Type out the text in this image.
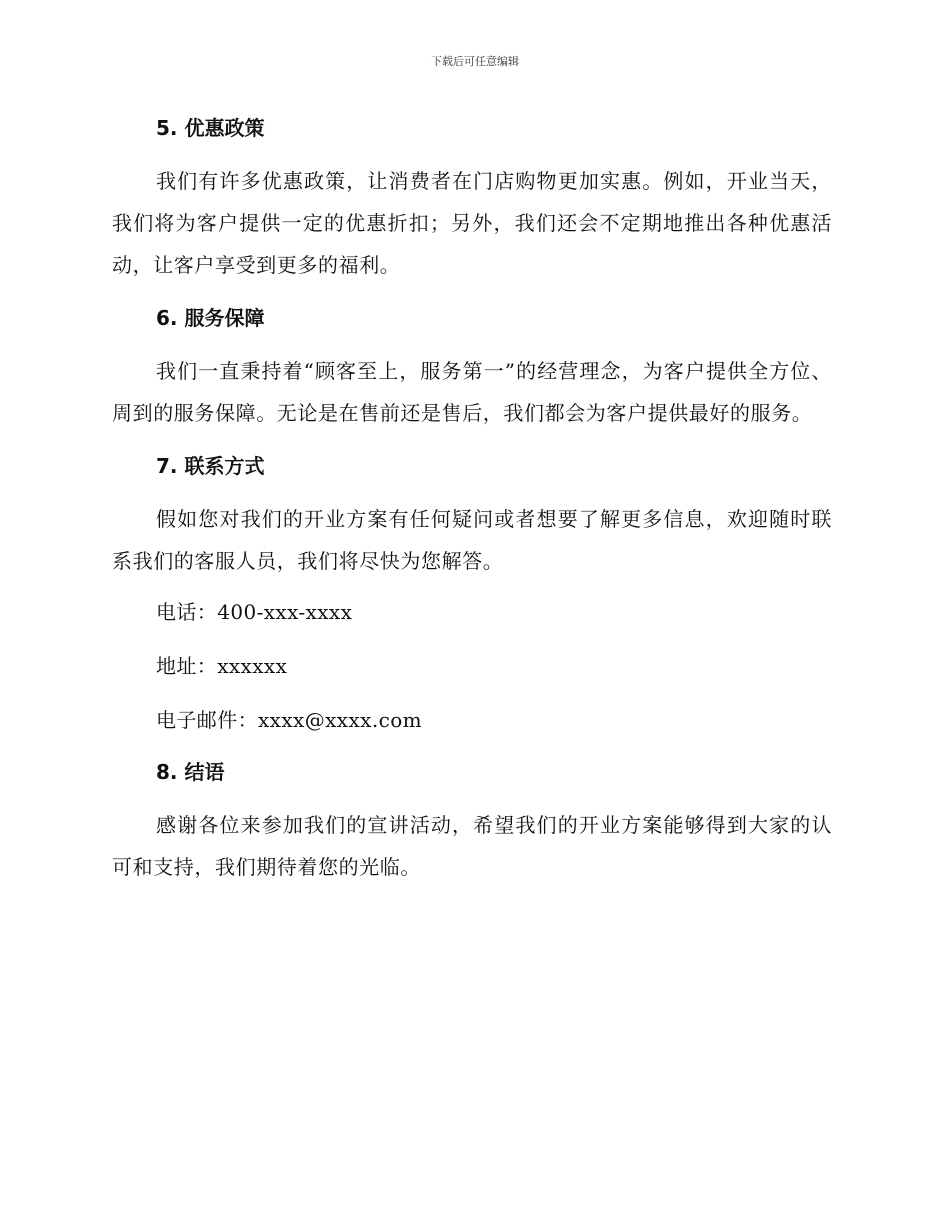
下载后可任意编辑
5. 优惠政策

我们有许多优惠政策，让消费者在门店购物更加实惠。例如，开业当天，我们将为客户提供一定的优惠折扣；另外，我们还会不定期地推出各种优惠活动，让客户享受到更多的福利。

6. 服务保障

我们一直秉持着“顾客至上，服务第一”的经营理念，为客户提供全方位、周到的服务保障。无论是在售前还是售后，我们都会为客户提供最好的服务。

7. 联系方式

假如您对我们的开业方案有任何疑问或者想要了解更多信息，欢迎随时联系我们的客服人员，我们将尽快为您解答。

电话：400-xxx-xxxx
地址：xxxxxx
电子邮件：xxxx@xxxx.com
8. 结语

感谢各位来参加我们的宣讲活动，希望我们的开业方案能够得到大家的认可和支持，我们期待着您的光临。
